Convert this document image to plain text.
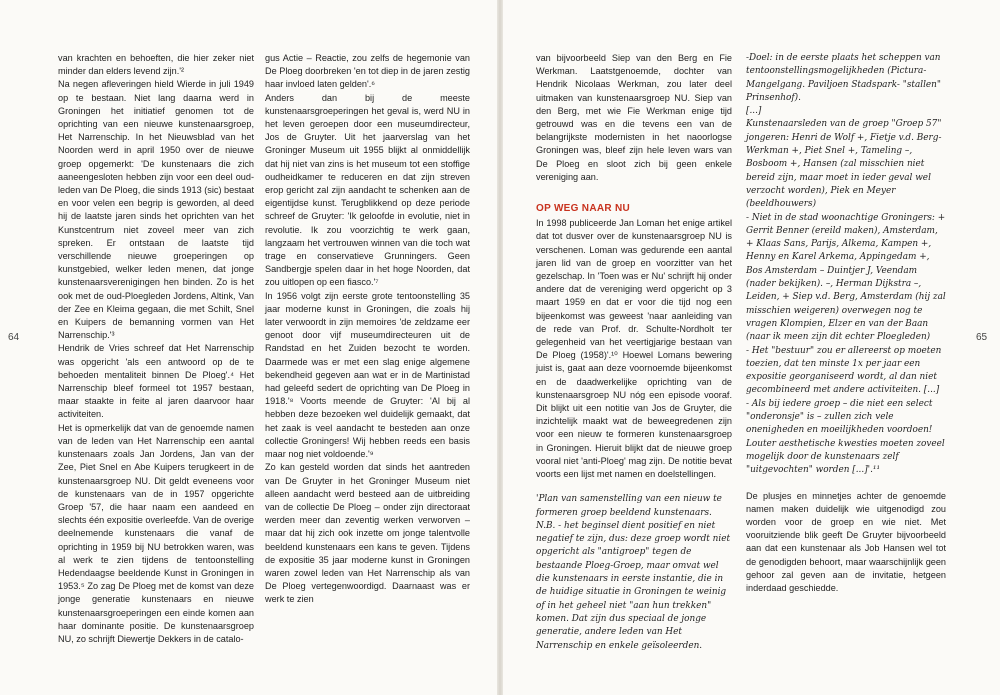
64	65

van krachten en behoeften, die hier zeker niet minder dan elders levend zijn.'²

Na negen afleveringen hield Wierde in juli 1949 op te bestaan. Niet lang daarna werd in Groningen het initiatief genomen tot de oprichting van een nieuwe kunstenaarsgroep, Het Narrenschip. In het Nieuwsblad van het Noorden werd in april 1950 over de nieuwe groep opgemerkt: 'De kunstenaars die zich aaneengesloten hebben zijn voor een deel oud-leden van De Ploeg, die sinds 1913 (sic) bestaat en voor velen een begrip is geworden, al deed hij de laatste jaren sinds het oprichten van het Kunstcentrum niet zoveel meer van zich spreken. Er ontstaan de laatste tijd verschillende nieuwe groeperingen op kunstgebied, welker leden menen, dat jonge kunstenaarsverenigingen hen binden. Zo is het ook met de oud-Ploegleden Jordens, Altink, Van der Zee en Kleima gegaan, die met Schilt, Snel en Kuipers de bemanning vormen van Het Narrenschip.'³

Hendrik de Vries schreef dat Het Narrenschip was opgericht 'als een antwoord op de te behoeden mentaliteit binnen De Ploeg'.⁴ Het Narrenschip bleef formeel tot 1957 bestaan, maar staakte in feite al jaren daarvoor haar activiteiten.

Het is opmerkelijk dat van de genoemde namen van de leden van Het Narrenschip een aantal kunstenaars zoals Jan Jordens, Jan van der Zee, Piet Snel en Abe Kuipers terugkeert in de kunstenaarsgroep NU. Dit geldt eveneens voor de kunstenaars van de in 1957 opgerichte Groep '57, die haar naam een aandeed en slechts één expositie overleefde. Van de overige deelnemende kunstenaars die vanaf de oprichting in 1959 bij NU betrokken waren, was al werk te zien tijdens de tentoonstelling Hedendaagse beeldende Kunst in Groningen in 1953.⁵ Zo zag De Ploeg met de komst van deze jonge generatie kunstenaars en nieuwe kunstenaarsgroeperingen een einde komen aan haar dominante positie. De kunstenaarsgroep NU, zo schrijft Diewertje Dekkers in de catalo-

gus Actie – Reactie, zou zelfs de hegemonie van De Ploeg doorbreken 'en tot diep in de jaren zestig haar invloed laten gelden'.⁶

Anders dan bij de meeste kunstenaarsgroeperingen het geval is, werd NU in het leven geroepen door een museumdirecteur, Jos de Gruyter. Uit het jaarverslag van het Groninger Museum uit 1955 blijkt al onmiddellijk dat hij niet van zins is het museum tot een stoffige oudheidkamer te reduceren en dat zijn streven erop gericht zal zijn aandacht te schenken aan de eigentijdse kunst. Terugblikkend op deze periode schreef de Gruyter: 'Ik geloofde in evolutie, niet in revolutie. Ik zou voorzichtig te werk gaan, langzaam het vertrouwen winnen van die toch wat trage en conservatieve Grunningers. Geen Sandbergje spelen daar in het hoge Noorden, dat zou uitlopen op een fiasco.'⁷

In 1956 volgt zijn eerste grote tentoonstelling 35 jaar moderne kunst in Groningen, die zoals hij later verwoordt in zijn memoires 'de zeldzame eer genoot door vijf museumdirecteuren uit de Randstad en het Zuiden bezocht te worden. Daarmede was er met een slag enige algemene bekendheid gegeven aan wat er in de Martinistad had geleefd sedert de oprichting van De Ploeg in 1918.'⁸ Voorts meende de Gruyter: 'Al bij al hebben deze bezoeken wel duidelijk gemaakt, dat het zaak is veel aandacht te besteden aan onze collectie Groningers! Wij hebben reeds een basis maar nog niet voldoende.'⁹

Zo kan gesteld worden dat sinds het aantreden van De Gruyter in het Groninger Museum niet alleen aandacht werd besteed aan de uitbreiding van de collectie De Ploeg – onder zijn directoraat werden meer dan zeventig werken verworven – maar dat hij zich ook inzette om jonge talentvolle beeldend kunstenaars een kans te geven. Tijdens de expositie 35 jaar moderne kunst in Groningen waren zowel leden van Het Narrenschip als van De Ploeg vertegenwoordigd. Daarnaast was er werk te zien

van bijvoorbeeld Siep van den Berg en Fie Werkman. Laatstgenoemde, dochter van Hendrik Nicolaas Werkman, zou later deel uitmaken van kunstenaarsgroep NU. Siep van den Berg, met wie Fie Werkman enige tijd getrouwd was en die tevens een van de belangrijkste modernisten in het naoorlogse Groningen was, bleef zijn hele leven wars van De Ploeg en sloot zich bij geen enkele vereniging aan.

OP WEG NAAR NU

In 1998 publiceerde Jan Loman het enige artikel dat tot dusver over de kunstenaarsgroep NU is verschenen. Loman was gedurende een aantal jaren lid van de groep en voorzitter van het gezelschap. In 'Toen was er Nu' schrijft hij onder andere dat de vereniging werd opgericht op 3 maart 1959 en dat er voor die tijd nog een bijeenkomst was geweest 'naar aanleiding van de rede van Prof. dr. Schulte-Nordholt ter gelegenheid van het veertigjarige bestaan van De Ploeg (1958)'.¹⁰ Hoewel Lomans bewering juist is, gaat aan deze voornoemde bijeenkomst en de daadwerkelijke oprichting van de kunstenaarsgroep NU nóg een episode vooraf. Dit blijkt uit een notitie van Jos de Gruyter, die inzichtelijk maakt wat de beweegredenen zijn voor een nieuw te formeren kunstenaarsgroep in Groningen. Hieruit blijkt dat de nieuwe groep vooral niet 'anti-Ploeg' mag zijn. De notitie bevat voorts een lijst met namen en doelstellingen.

'Plan van samenstelling van een nieuw te formeren groep beeldend kunstenaars.

N.B. - het beginsel dient positief en niet negatief te zijn, dus: deze groep wordt niet opgericht als "antigroep" tegen de bestaande Ploeg-Groep, maar omvat wel die kunstenaars in eerste instantie, die in de huidige situatie in Groningen te weinig of in het geheel niet "aan hun trekken" komen. Dat zijn dus speciaal de jonge generatie, andere leden van Het Narrenschip en enkele geïsoleerden.

-Doel: in de eerste plaats het scheppen van tentoonstellingsmogelijkheden (Pictura-Mangelgang. Paviljoen Stadspark- "stallen" Prinsenhof).

[...]

Kunstenaarsleden van de groep "Groep 57" jongeren: Henri de Wolf +, Fietje v.d. Berg-Werkman +, Piet Snel +, Tameling –, Bosboom +, Hansen (zal misschien niet bereid zijn, maar moet in ieder geval wel verzocht worden), Piek en Meyer (beeldhouwers)

- Niet in de stad woonachtige Groningers: + Gerrit Benner (ereild maken), Amsterdam, + Klaas Sans, Parijs, Alkema, Kampen +, Henny en Karel Arkema, Appingedam +, Bos Amsterdam – Duintjer J, Veendam (nader bekijken). –, Herman Dijkstra –, Leiden, + Siep v.d. Berg, Amsterdam (hij zal misschien weigeren) overwegen nog te vragen Klompien, Elzer en van der Baan (naar ik meen zijn dit echter Ploegleden)

- Het "bestuur" zou er allereerst op moeten toezien, dat ten minste 1x per jaar een expositie georganiseerd wordt, al dan niet gecombineerd met andere activiteiten. [...]

- Als bij iedere groep – die niet een select "onderonsje" is – zullen zich vele onenigheden en moeilijkheden voordoen!

Louter aesthetische kwesties moeten zoveel mogelijk door de kunstenaars zelf "uitgevochten" worden [...]'.¹¹

De plusjes en minnetjes achter de genoemde namen maken duidelijk wie uitgenodigd zou worden voor de groep en wie niet. Met vooruitziende blik geeft De Gruyter bijvoorbeeld aan dat een kunstenaar als Job Hansen wel tot de genodigden behoort, maar waarschijnlijk geen gehoor zal geven aan de invitatie, hetgeen inderdaad geschiedde.
